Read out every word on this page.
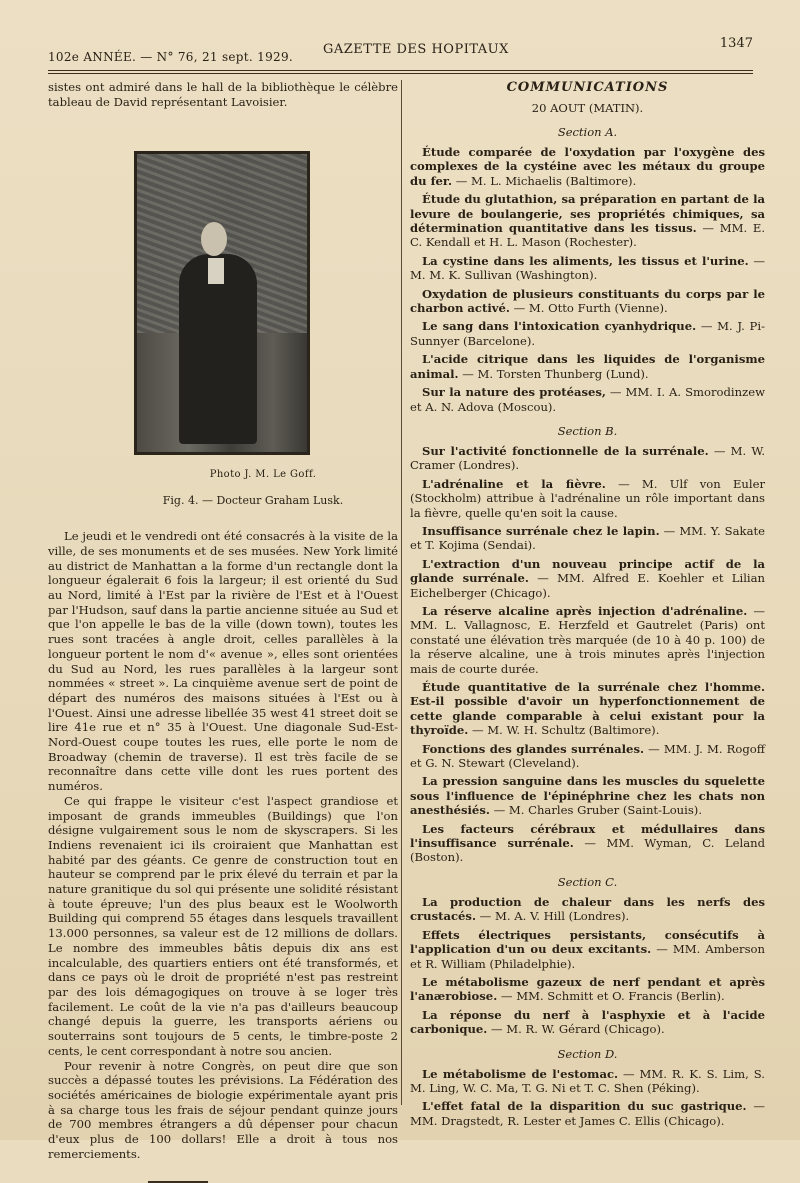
102e ANNÉE. — N° 76, 21 sept. 1929. GAZETTE DES HOPITAUX	1347

sistes ont admiré dans le hall de la bibliothèque le célèbre tableau de David représentant Lavoisier.

Photo J. M. Le Goff.

Fig. 4. — Docteur Graham Lusk.

Le jeudi et le vendredi ont été consacrés à la visite de la ville, de ses monuments et de ses musées. New York limité au district de Manhattan a la forme d'un rectangle dont la longueur égalerait 6 fois la largeur; il est orienté du Sud au Nord, limité à l'Est par la rivière de l'Est et à l'Ouest par l'Hudson, sauf dans la partie ancienne située au Sud et que l'on appelle le bas de la ville (down town), toutes les rues sont tracées à angle droit, celles parallèles à la longueur portent le nom d'« avenue », elles sont orientées du Sud au Nord, les rues parallèles à la largeur sont nommées « street ». La cinquième avenue sert de point de départ des numéros des maisons situées à l'Est ou à l'Ouest. Ainsi une adresse libellée 35 west 41 street doit se lire 41e rue et n° 35 à l'Ouest. Une diagonale Sud-Est-Nord-Ouest coupe toutes les rues, elle porte le nom de Broadway (chemin de traverse). Il est très facile de se reconnaître dans cette ville dont les rues portent des numéros.

Ce qui frappe le visiteur c'est l'aspect grandiose et imposant de grands immeubles (Buildings) que l'on désigne vulgairement sous le nom de skyscrapers. Si les Indiens revenaient ici ils croiraient que Manhattan est habité par des géants. Ce genre de construction tout en hauteur se comprend par le prix élevé du terrain et par la nature granitique du sol qui présente une solidité résistant à toute épreuve; l'un des plus beaux est le Woolworth Building qui comprend 55 étages dans lesquels travaillent 13.000 personnes, sa valeur est de 12 millions de dollars. Le nombre des immeubles bâtis depuis dix ans est incalculable, des quartiers entiers ont été transformés, et dans ce pays où le droit de propriété n'est pas restreint par des lois démagogiques on trouve à se loger très facilement. Le coût de la vie n'a pas d'ailleurs beaucoup changé depuis la guerre, les transports aériens ou souterrains sont toujours de 5 cents, le timbre-poste 2 cents, le cent correspondant à notre sou ancien.

Pour revenir à notre Congrès, on peut dire que son succès a dépassé toutes les prévisions. La Fédération des sociétés américaines de biologie expérimentale ayant pris à sa charge tous les frais de séjour pendant quinze jours de 700 membres étrangers a dû dépenser pour chacun d'eux plus de 100 dollars! Elle a droit à tous nos remerciements.

COMMUNICATIONS

20 AOUT (MATIN).

Section A.

Étude comparée de l'oxydation par l'oxygène des complexes de la cystéine avec les métaux du groupe du fer. — M. L. Michaelis (Baltimore).

Étude du glutathion, sa préparation en partant de la levure de boulangerie, ses propriétés chimiques, sa détermination quantitative dans les tissus. — MM. E. C. Kendall et H. L. Mason (Rochester).

La cystine dans les aliments, les tissus et l'urine. — M. M. K. Sullivan (Washington).

Oxydation de plusieurs constituants du corps par le charbon activé. — M. Otto Furth (Vienne).

Le sang dans l'intoxication cyanhydrique. — M. J. Pi-Sunnyer (Barcelone).

L'acide citrique dans les liquides de l'organisme animal. — M. Torsten Thunberg (Lund).

Sur la nature des protéases, — MM. I. A. Smorodinzew et A. N. Adova (Moscou).

Section B.

Sur l'activité fonctionnelle de la surrénale. — M. W. Cramer (Londres).

L'adrénaline et la fièvre. — M. Ulf von Euler (Stockholm) attribue à l'adrénaline un rôle important dans la fièvre, quelle qu'en soit la cause.

Insuffisance surrénale chez le lapin. — MM. Y. Sakate et T. Kojima (Sendai).

L'extraction d'un nouveau principe actif de la glande surrénale. — MM. Alfred E. Koehler et Lilian Eichelberger (Chicago).

La réserve alcaline après injection d'adrénaline. — MM. L. Vallagnosc, E. Herzfeld et Gautrelet (Paris) ont constaté une élévation très marquée (de 10 à 40 p. 100) de la réserve alcaline, une à trois minutes après l'injection mais de courte durée.

Étude quantitative de la surrénale chez l'homme. Est-il possible d'avoir un hyperfonctionnement de cette glande comparable à celui existant pour la thyroïde. — M. W. H. Schultz (Baltimore).

Fonctions des glandes surrénales. — MM. J. M. Rogoff et G. N. Stewart (Cleveland).

La pression sanguine dans les muscles du squelette sous l'influence de l'épinéphrine chez les chats non anesthésiés. — M. Charles Gruber (Saint-Louis).

Les facteurs cérébraux et médullaires dans l'insuffisance surrénale. — MM. Wyman, C. Leland (Boston).

Section C.

La production de chaleur dans les nerfs des crustacés. — M. A. V. Hill (Londres).

Effets électriques persistants, consécutifs à l'application d'un ou deux excitants. — MM. Amberson et R. William (Philadelphie).

Le métabolisme gazeux de nerf pendant et après l'anærobiose. — MM. Schmitt et O. Francis (Berlin).

La réponse du nerf à l'asphyxie et à l'acide carbonique. — M. R. W. Gérard (Chicago).

Section D.

Le métabolisme de l'estomac. — MM. R. K. S. Lim, S. M. Ling, W. C. Ma, T. G. Ni et T. C. Shen (Péking).

L'effet fatal de la disparition du suc gastrique. — MM. Dragstedt, R. Lester et James C. Ellis (Chicago).
